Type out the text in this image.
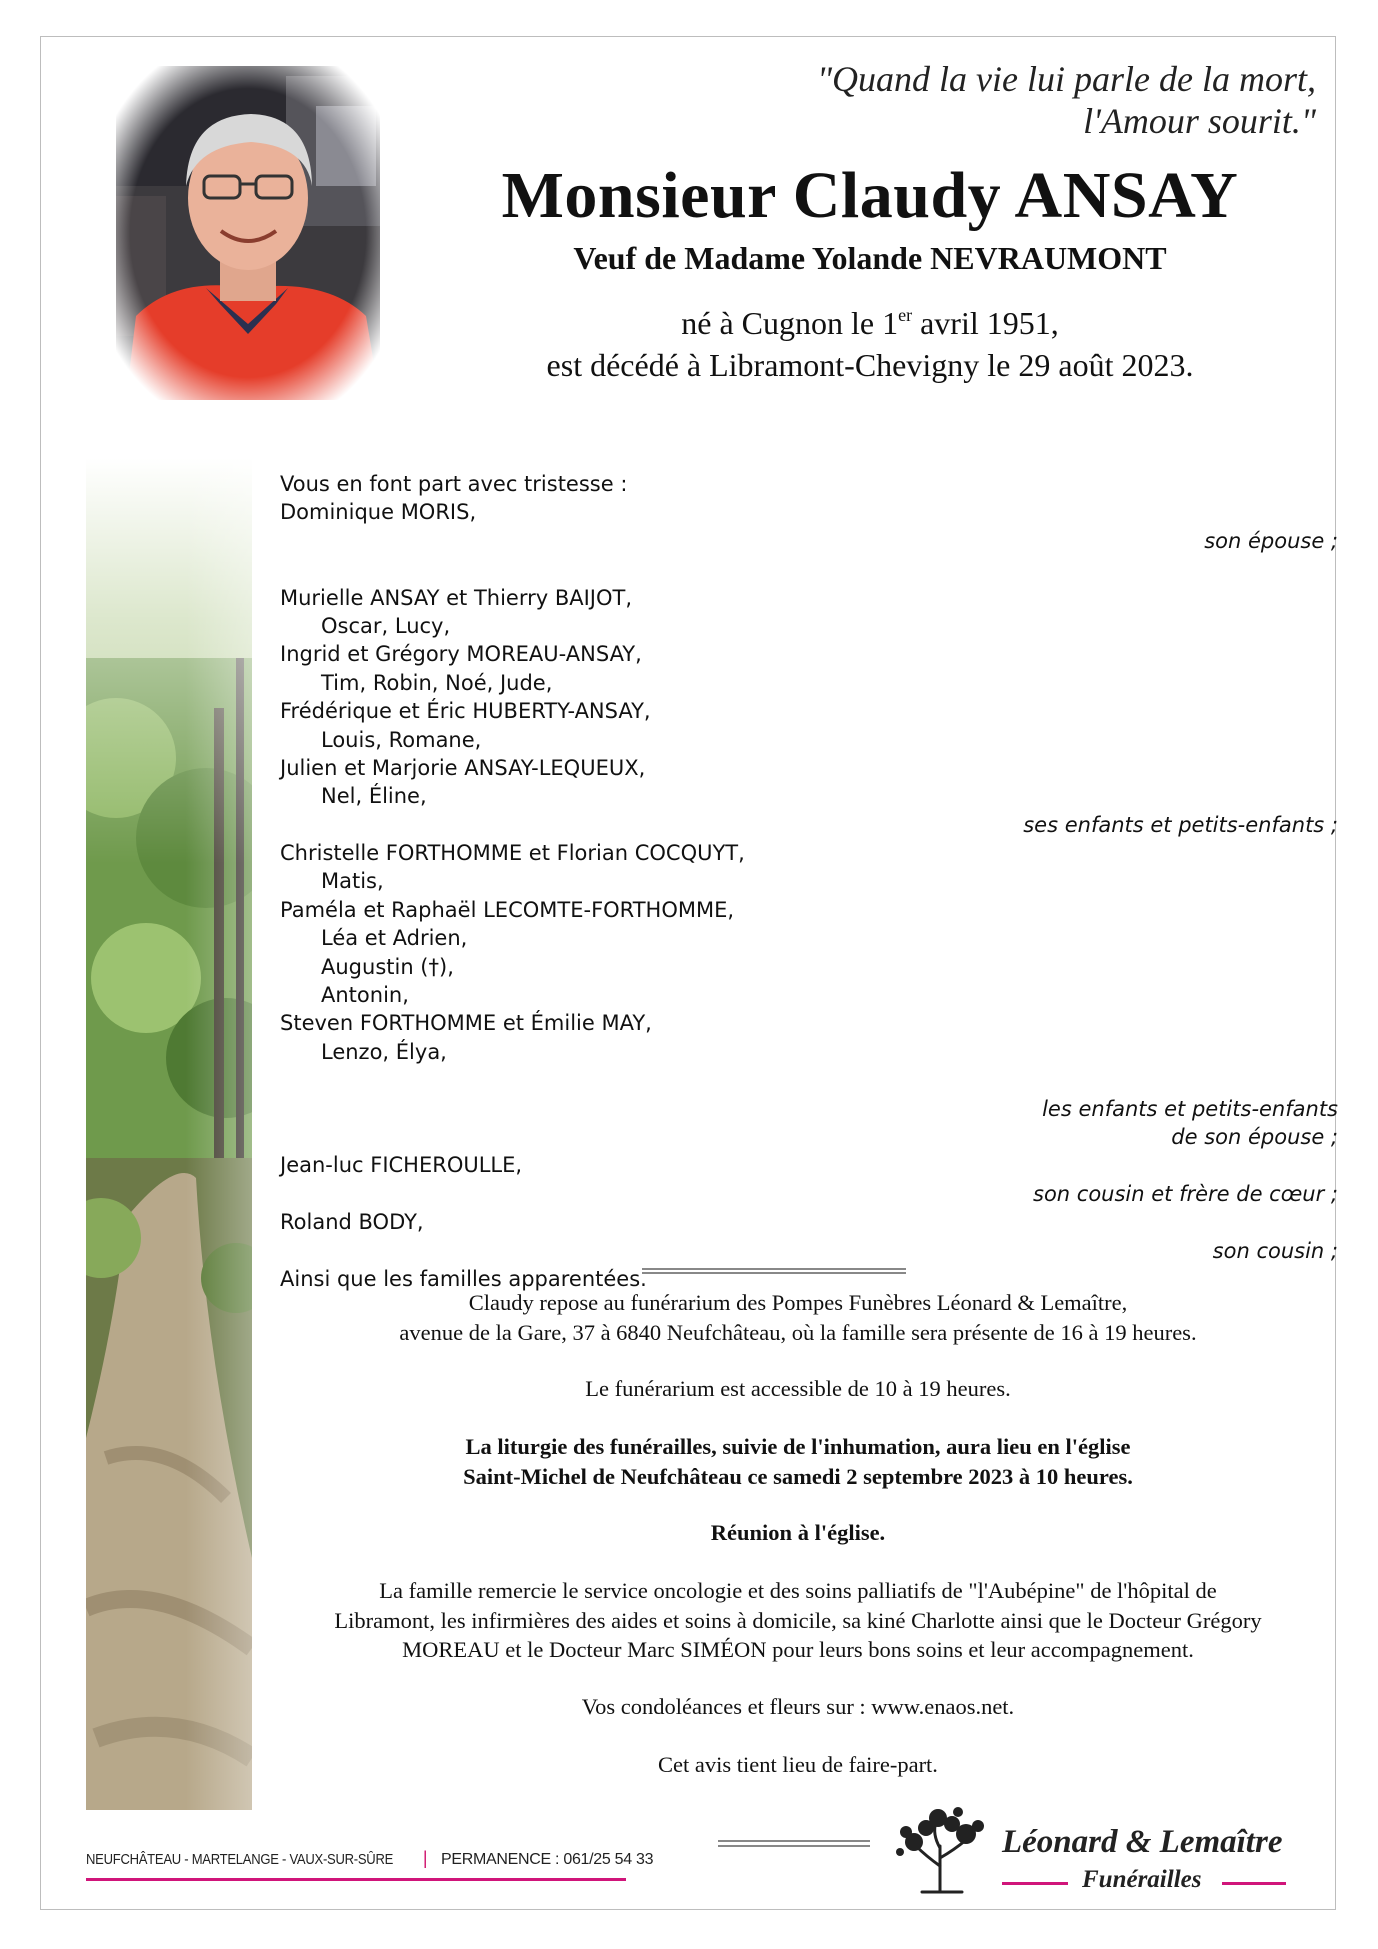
"Quand la vie lui parle de la mort,
l'Amour sourit."
Monsieur Claudy ANSAY
Veuf de Madame Yolande NEVRAUMONT
né à Cugnon le 1er avril 1951,
est décédé à Libramont-Chevigny le 29 août 2023.
Vous en font part avec tristesse :
Dominique MORIS,
son épouse ;
Murielle ANSAY et Thierry BAIJOT,
Oscar, Lucy,
Ingrid et Grégory MOREAU-ANSAY,
Tim, Robin, Noé, Jude,
Frédérique et Éric HUBERTY-ANSAY,
Louis, Romane,
Julien et Marjorie ANSAY-LEQUEUX,
Nel, Éline,
ses enfants et petits-enfants ;
Christelle FORTHOMME et Florian COCQUYT,
Matis,
Paméla et Raphaël LECOMTE-FORTHOMME,
Léa et Adrien,
Augustin (†),
Antonin,
Steven FORTHOMME et Émilie MAY,
Lenzo, Élya,
les enfants et petits-enfants
de son épouse ;
Jean-luc FICHEROULLE,
son cousin et frère de cœur ;
Roland BODY,
son cousin ;
Ainsi que les familles apparentées.
Claudy repose au funérarium des Pompes Funèbres Léonard & Lemaître,
avenue de la Gare, 37 à 6840 Neufchâteau, où la famille sera présente de 16 à 19 heures.
Le funérarium est accessible de 10 à 19 heures.
La liturgie des funérailles, suivie de l'inhumation, aura lieu en l'église
Saint-Michel de Neufchâteau ce samedi 2 septembre 2023 à 10 heures.
Réunion à l'église.
La famille remercie le service oncologie et des soins palliatifs de "l'Aubépine" de l'hôpital de
Libramont, les infirmières des aides et soins à domicile, sa kiné Charlotte ainsi que le Docteur Grégory
MOREAU et le Docteur Marc SIMÉON pour leurs bons soins et leur accompagnement.
Vos condoléances et fleurs sur : www.enaos.net.
Cet avis tient lieu de faire-part.
NEUFCHÂTEAU - MARTELANGE - VAUX-SUR-SÛRE | PERMANENCE : 061/25 54 33	Léonard & Lemaître
Funérailles
